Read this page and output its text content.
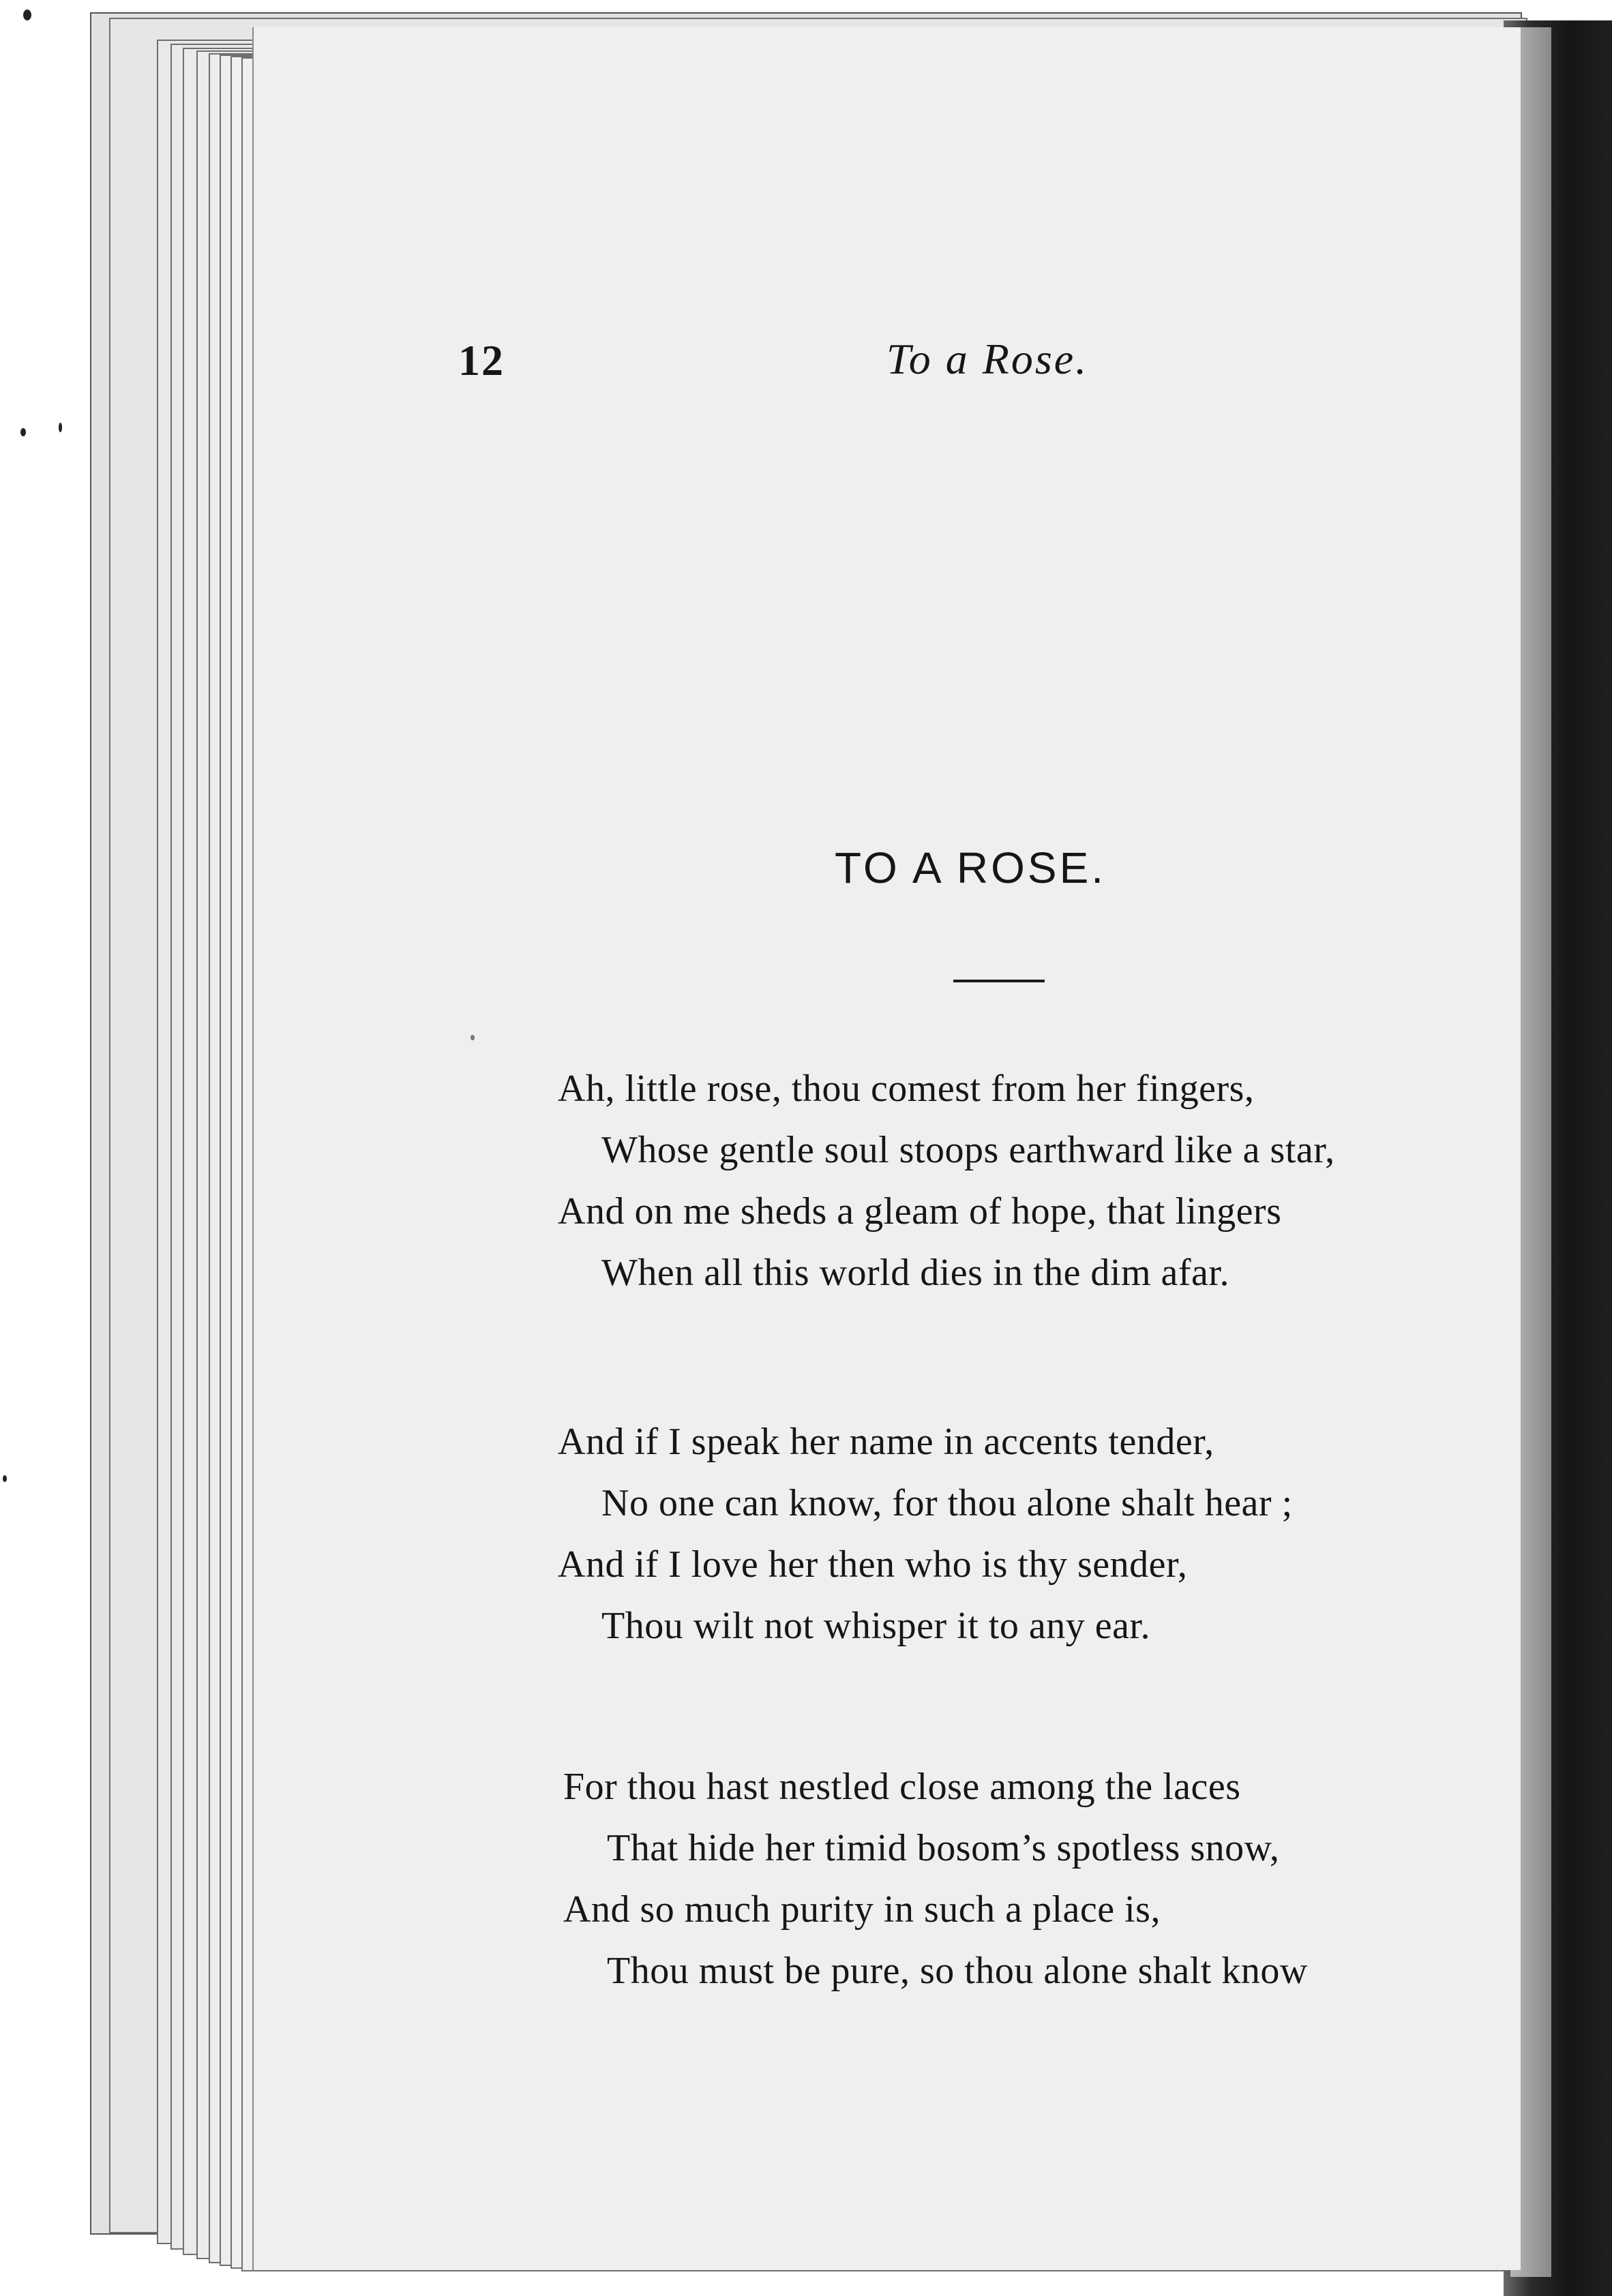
12	To a Rose.
TO A ROSE.
Ah, little rose, thou comest from her fingers,
Whose gentle soul stoops earthward like a star,
And on me sheds a gleam of hope, that lingers
When all this world dies in the dim afar.
And if I speak her name in accents tender,
No one can know, for thou alone shalt hear ;
And if I love her then who is thy sender,
Thou wilt not whisper it to any ear.
For thou hast nestled close among the laces
That hide her timid bosom’s spotless snow,
And so much purity in such a place is,
Thou must be pure, so thou alone shalt know
